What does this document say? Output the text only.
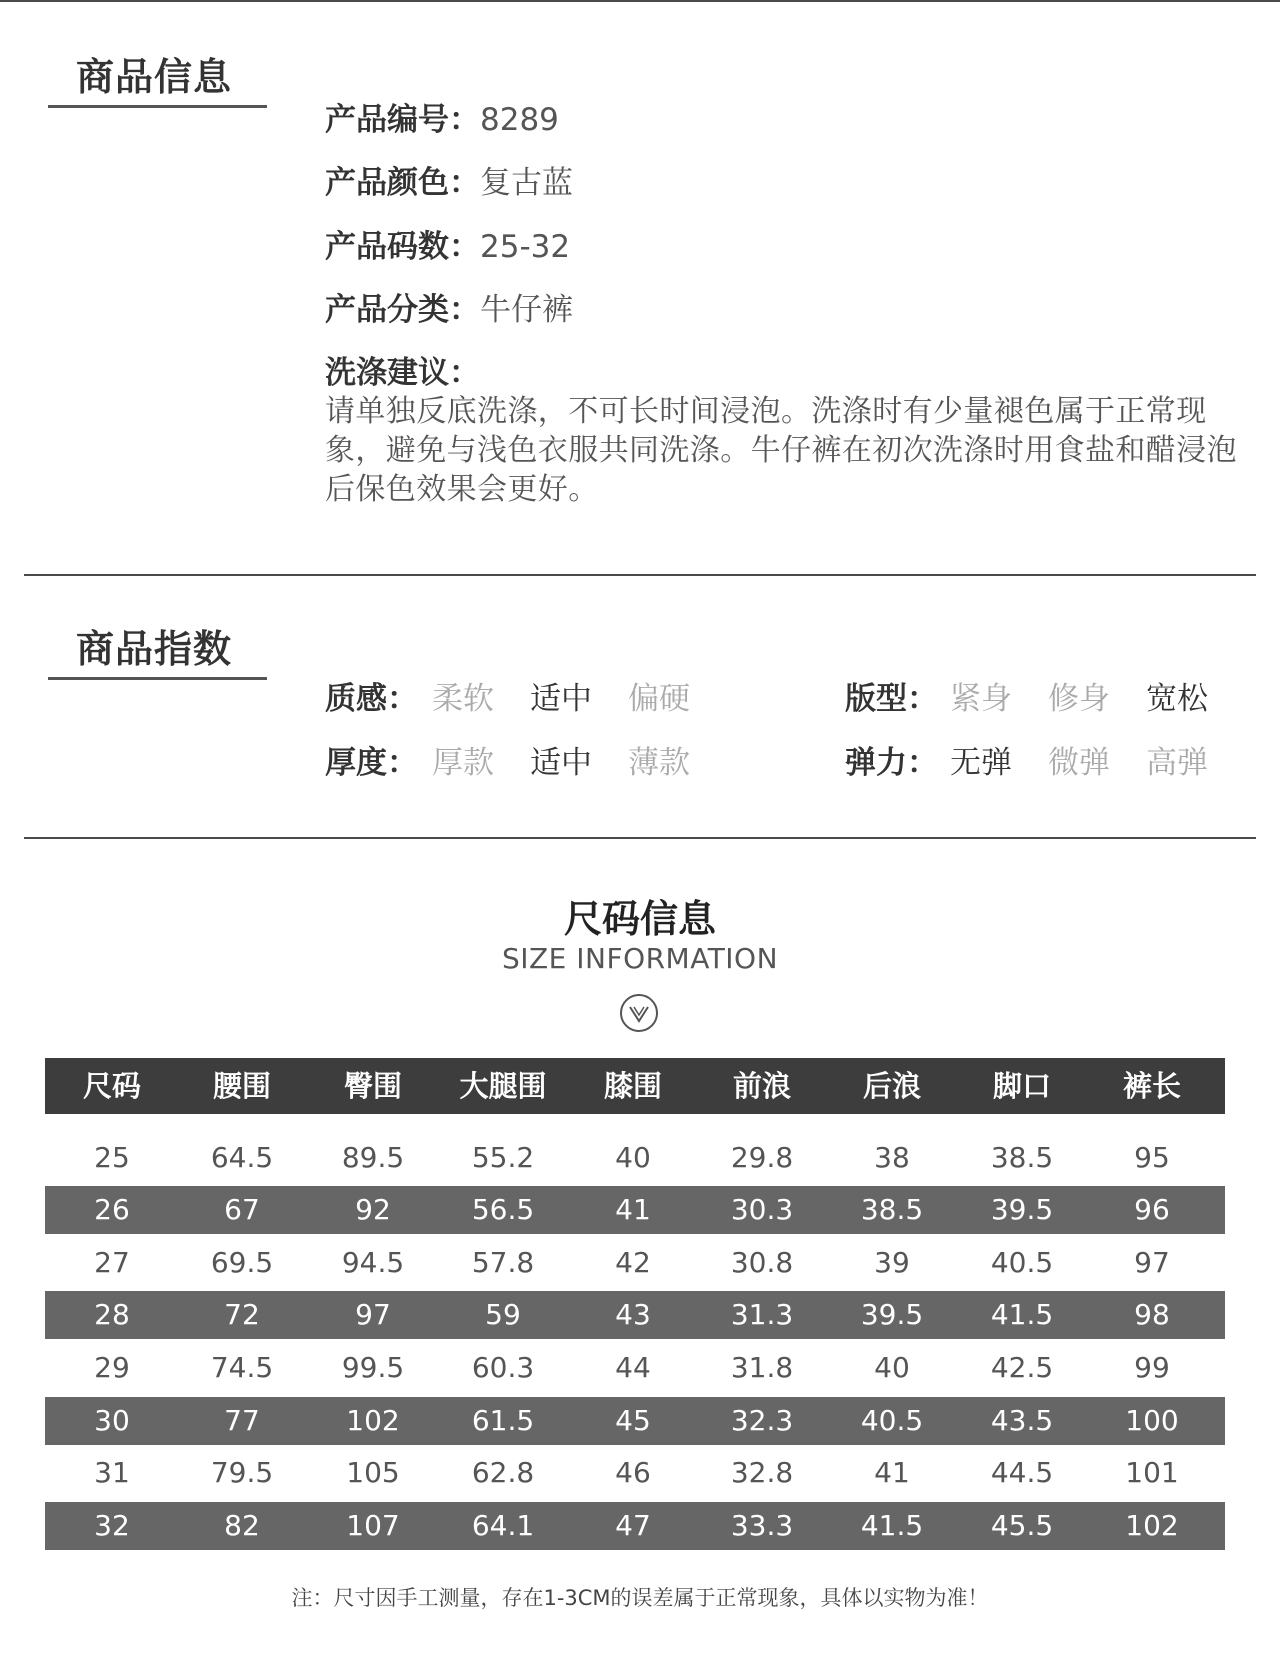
商品信息
产品编号：8289
产品颜色：复古蓝
产品码数：25-32
产品分类：牛仔裤
洗涤建议：
请单独反底洗涤，不可长时间浸泡。洗涤时有少量褪色属于正常现象，避免与浅色衣服共同洗涤。牛仔裤在初次洗涤时用食盐和醋浸泡后保色效果会更好。
商品指数
质感： 柔软 适中 偏硬	版型： 紧身 修身 宽松
厚度： 厚款 适中 薄款	弹力： 无弹 微弹 高弹
尺码信息
SIZE INFORMATION
尺码	腰围	臀围	大腿围	膝围	前浪	后浪	脚口	裤长
25	64.5	89.5	55.2	40	29.8	38	38.5	95
26	67	92	56.5	41	30.3	38.5	39.5	96
27	69.5	94.5	57.8	42	30.8	39	40.5	97
28	72	97	59	43	31.3	39.5	41.5	98
29	74.5	99.5	60.3	44	31.8	40	42.5	99
30	77	102	61.5	45	32.3	40.5	43.5	100
31	79.5	105	62.8	46	32.8	41	44.5	101
32	82	107	64.1	47	33.3	41.5	45.5	102
注：尺寸因手工测量，存在1-3CM的误差属于正常现象，具体以实物为准！
